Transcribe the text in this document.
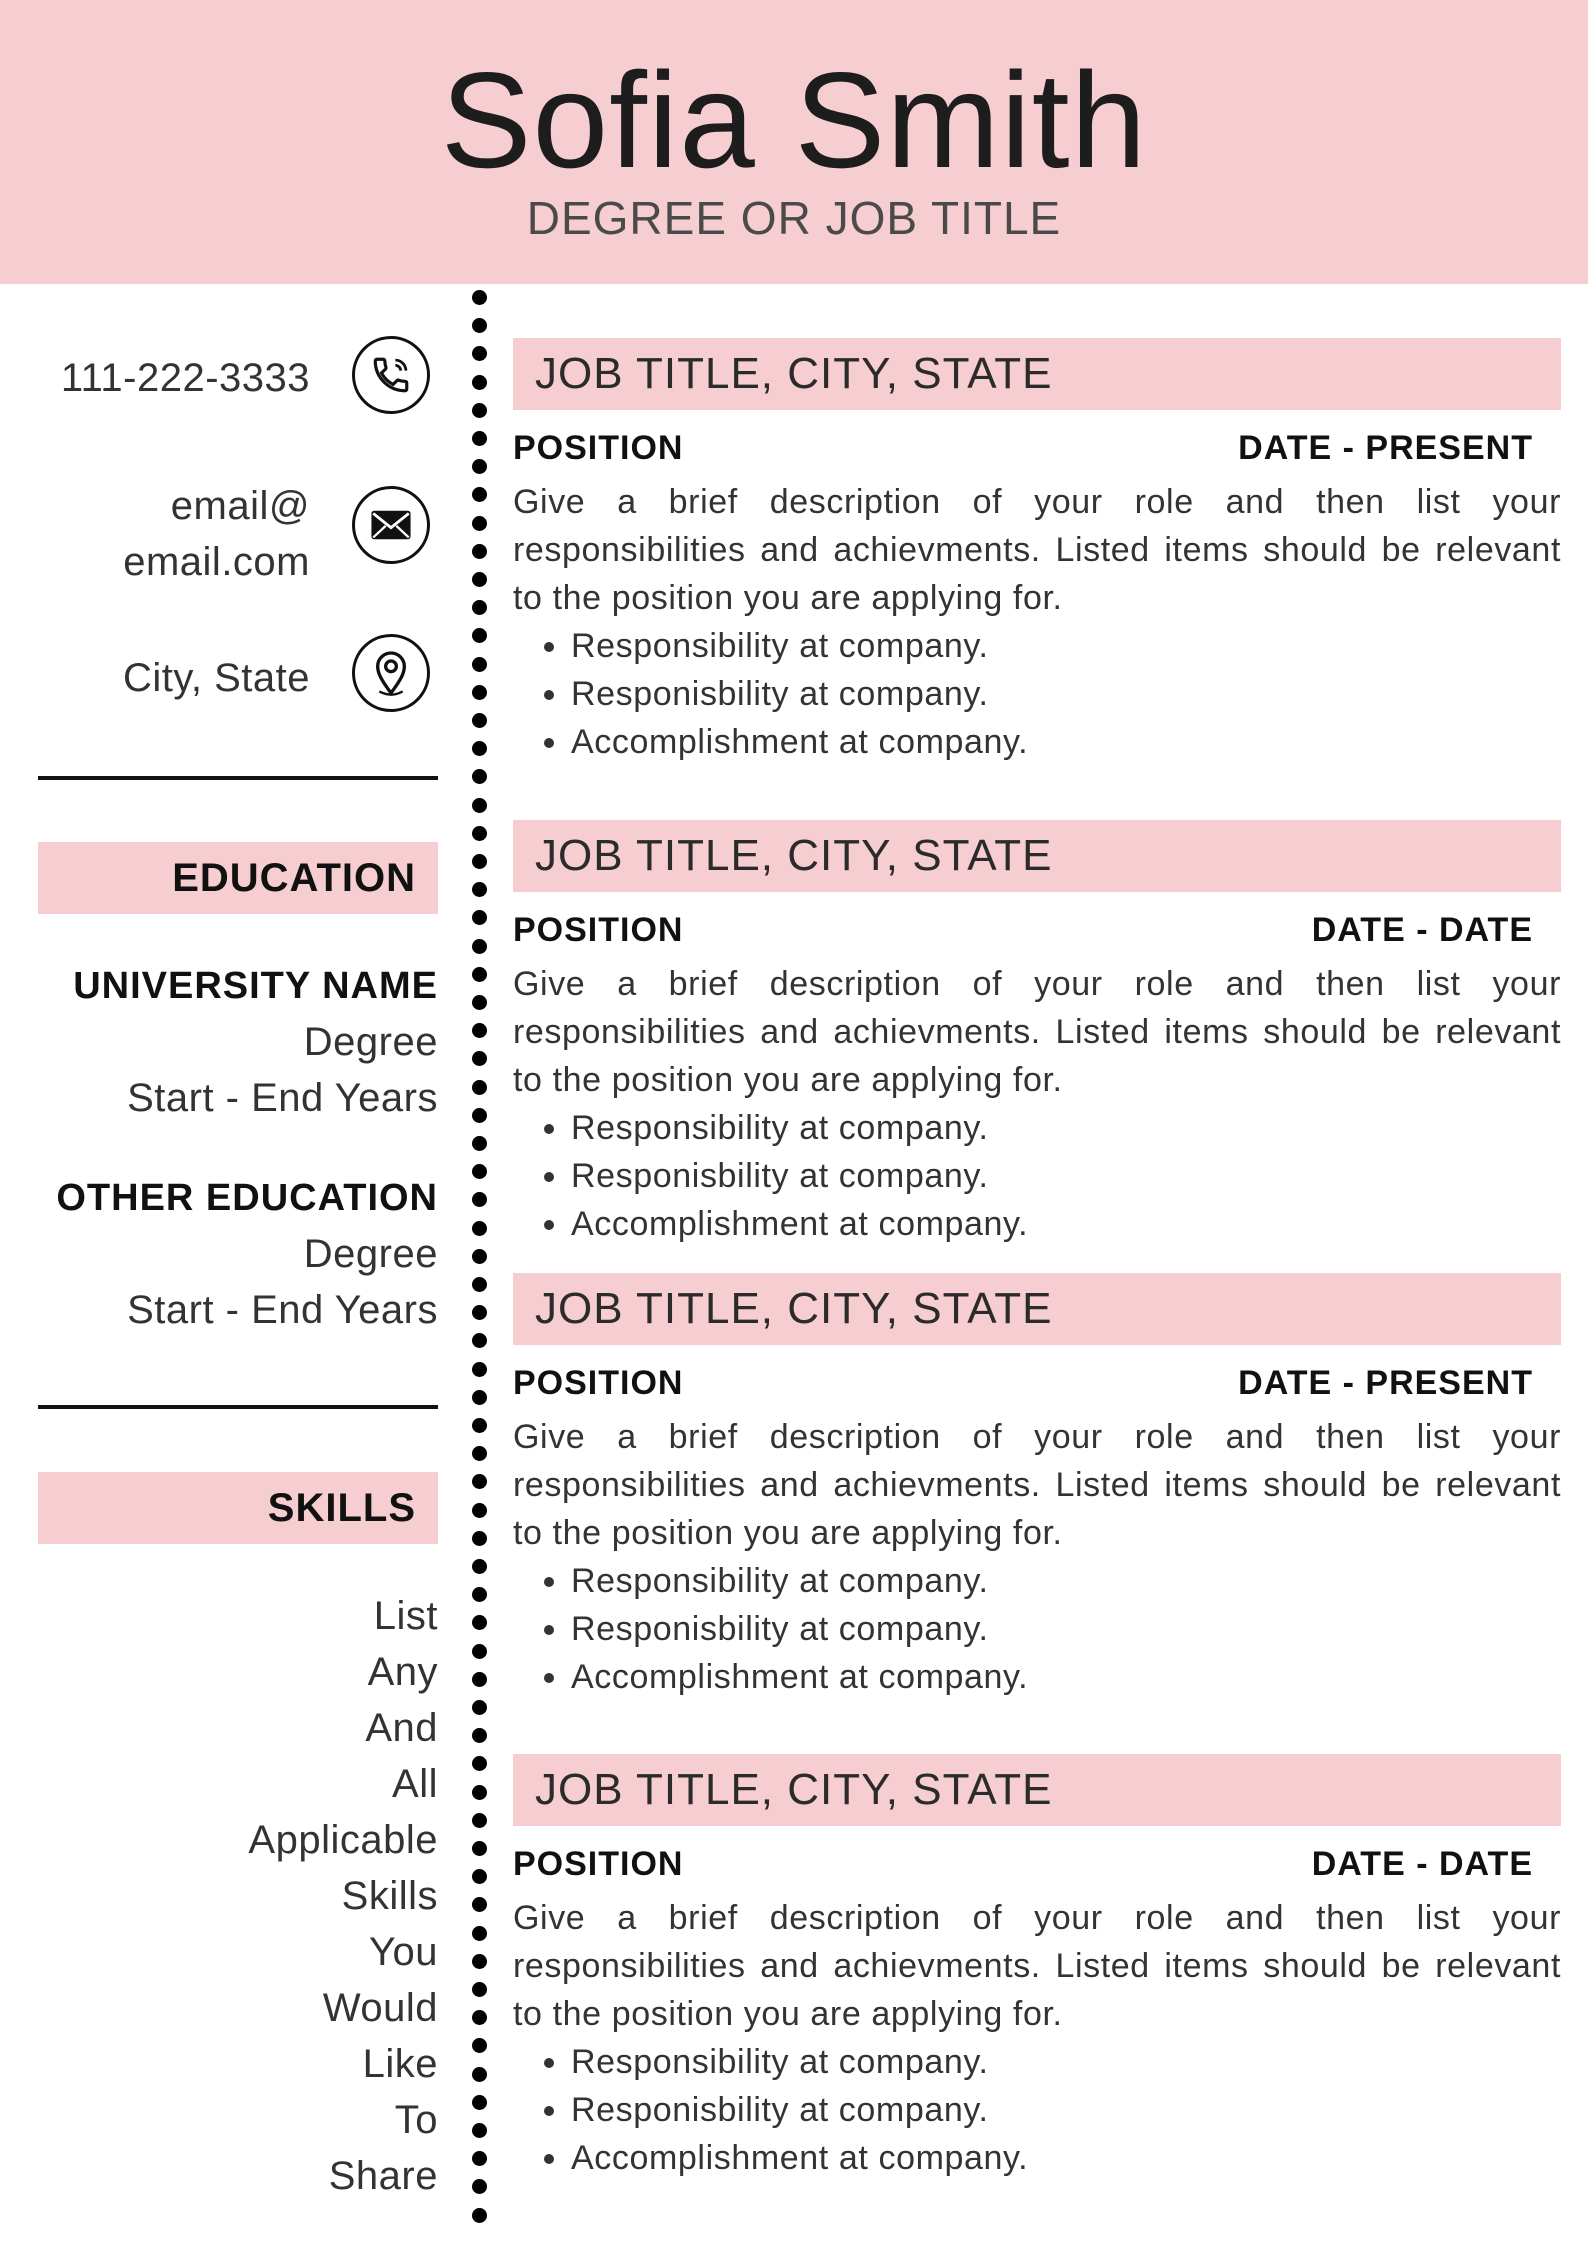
Sofia Smith
DEGREE OR JOB TITLE
111-222-3333
email@
email.com
City, State
EDUCATION
UNIVERSITY NAME
Degree
Start - End Years
OTHER EDUCATION
Degree
Start - End Years
SKILLS
List
Any
And
All
Applicable
Skills
You
Would
Like
To
Share
JOB TITLE, CITY, STATE
POSITION	DATE - PRESENT
Give a brief description of your role and then list your responsibilities and achievments. Listed items should be relevant to the position you are applying for.
• Responsibility at company.
• Responisbility at company.
• Accomplishment at company.
JOB TITLE, CITY, STATE
POSITION	DATE - DATE
Give a brief description of your role and then list your responsibilities and achievments. Listed items should be relevant to the position you are applying for.
• Responsibility at company.
• Responisbility at company.
• Accomplishment at company.
JOB TITLE, CITY, STATE
POSITION	DATE - PRESENT
Give a brief description of your role and then list your responsibilities and achievments. Listed items should be relevant to the position you are applying for.
• Responsibility at company.
• Responisbility at company.
• Accomplishment at company.
JOB TITLE, CITY, STATE
POSITION	DATE - DATE
Give a brief description of your role and then list your responsibilities and achievments. Listed items should be relevant to the position you are applying for.
• Responsibility at company.
• Responisbility at company.
• Accomplishment at company.
